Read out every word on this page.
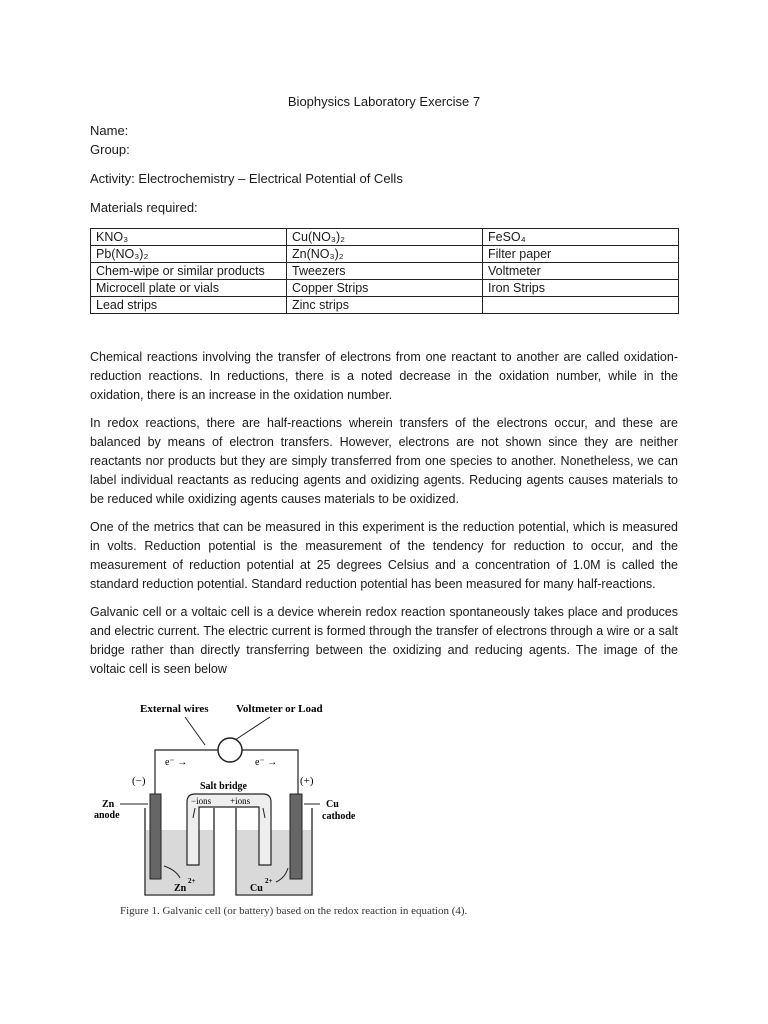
Biophysics Laboratory Exercise 7
Name:
Group:
Activity: Electrochemistry – Electrical Potential of Cells
Materials required:
KNO₃	Cu(NO₃)₂	FeSO₄
Pb(NO₃)₂	Zn(NO₃)₂	Filter paper
Chem-wipe or similar products	Tweezers	Voltmeter
Microcell plate or vials	Copper Strips	Iron Strips
Lead strips	Zinc strips	

Chemical reactions involving the transfer of electrons from one reactant to another are called oxidation-reduction reactions. In reductions, there is a noted decrease in the oxidation number, while in the oxidation, there is an increase in the oxidation number.

In redox reactions, there are half-reactions wherein transfers of the electrons occur, and these are balanced by means of electron transfers. However, electrons are not shown since they are neither reactants nor products but they are simply transferred from one species to another. Nonetheless, we can label individual reactants as reducing agents and oxidizing agents. Reducing agents causes materials to be reduced while oxidizing agents causes materials to be oxidized.

One of the metrics that can be measured in this experiment is the reduction potential, which is measured in volts. Reduction potential is the measurement of the tendency for reduction to occur, and the measurement of reduction potential at 25 degrees Celsius and a concentration of 1.0M is called the standard reduction potential. Standard reduction potential has been measured for many half-reactions.

Galvanic cell or a voltaic cell is a device wherein redox reaction spontaneously takes place and produces and electric current. The electric current is formed through the transfer of electrons through a wire or a salt bridge rather than directly transferring between the oxidizing and reducing agents. The image of the voltaic cell is seen below

External wires Voltmeter or Load
e⁻ →	e⁻ →
(−)	(+)
Salt bridge
−ions +ions
Zn
anode
Cu
cathode
Zn
2+
Cu
2+
Figure 1. Galvanic cell (or battery) based on the redox reaction in equation (4).
